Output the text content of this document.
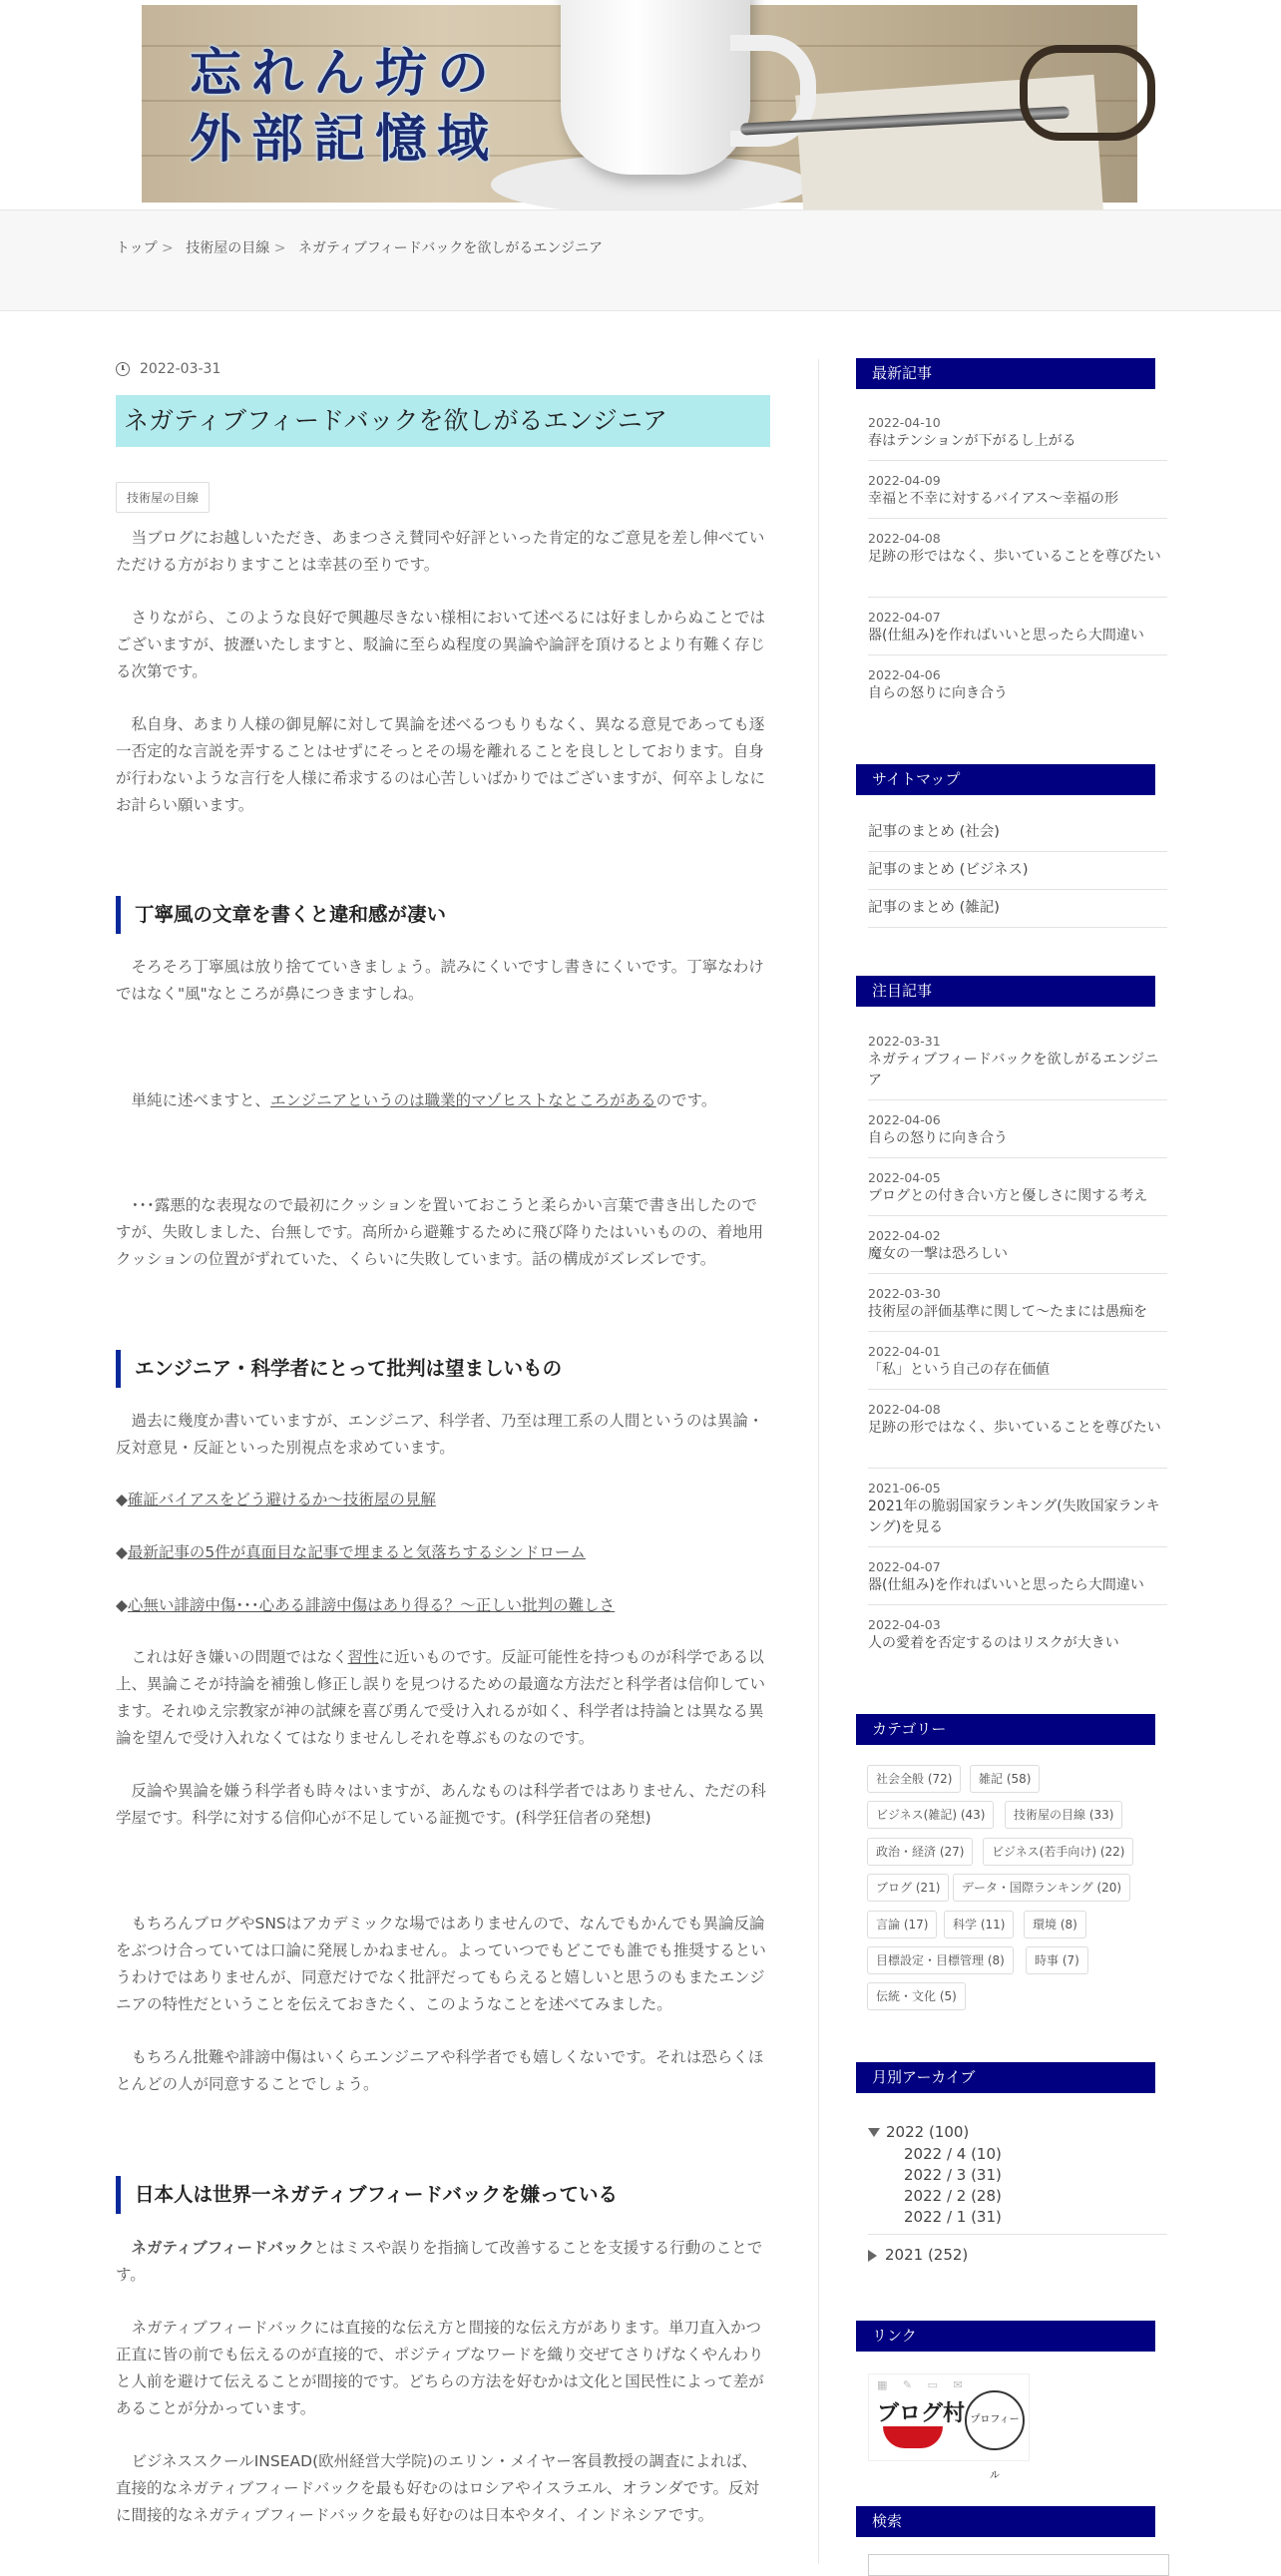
忘れん坊の
外部記憶域
トップ > 技術屋の目線 > ネガティブフィードバックを欲しがるエンジニア
2022-03-31
ネガティブフィードバックを欲しがるエンジニア
技術屋の目線

当ブログにお越しいただき、あまつさえ賛同や好評といった肯定的なご意見を差し伸べていただける方がおりますことは幸甚の至りです。

さりながら、このような良好で興趣尽きない様相において述べるには好ましからぬことではございますが、披瀝いたしますと、駁論に至らぬ程度の異論や論評を頂けるとより有難く存じる次第です。

私自身、あまり人様の御見解に対して異論を述べるつもりもなく、異なる意見であっても逐一否定的な言説を弄することはせずにそっとその場を離れることを良しとしております。自身が行わないような言行を人様に希求するのは心苦しいばかりではございますが、何卒よしなにお計らい願います。

丁寧風の文章を書くと違和感が凄い

そろそろ丁寧風は放り捨てていきましょう。読みにくいですし書きにくいです。丁寧なわけではなく"風"なところが鼻につきますしね。

単純に述べますと、エンジニアというのは職業的マゾヒストなところがあるのです。

･･･露悪的な表現なので最初にクッションを置いておこうと柔らかい言葉で書き出したのですが、失敗しました、台無しです。高所から避難するために飛び降りたはいいものの、着地用クッションの位置がずれていた、くらいに失敗しています。話の構成がズレズレです。

エンジニア・科学者にとって批判は望ましいもの

過去に幾度か書いていますが、エンジニア、科学者、乃至は理工系の人間というのは異論・反対意見・反証といった別視点を求めています。

◆確証バイアスをどう避けるか～技術屋の見解

◆最新記事の5件が真面目な記事で埋まると気落ちするシンドローム

◆心無い誹謗中傷･･･心ある誹謗中傷はあり得る？～正しい批判の難しさ

これは好き嫌いの問題ではなく習性に近いものです。反証可能性を持つものが科学である以上、異論こそが持論を補強し修正し誤りを見つけるための最適な方法だと科学者は信仰しています。それゆえ宗教家が神の試練を喜び勇んで受け入れるが如く、科学者は持論とは異なる異論を望んで受け入れなくてはなりませんしそれを尊ぶものなのです。

反論や異論を嫌う科学者も時々はいますが、あんなものは科学者ではありません、ただの科学屋です。科学に対する信仰心が不足している証拠です。(科学狂信者の発想)

もちろんブログやSNSはアカデミックな場ではありませんので、なんでもかんでも異論反論をぶつけ合っていては口論に発展しかねません。よっていつでもどこでも誰でも推奨するというわけではありませんが、同意だけでなく批評だってもらえると嬉しいと思うのもまたエンジニアの特性だということを伝えておきたく、このようなことを述べてみました。

もちろん批難や誹謗中傷はいくらエンジニアや科学者でも嬉しくないです。それは恐らくほとんどの人が同意することでしょう。

日本人は世界一ネガティブフィードバックを嫌っている

ネガティブフィードバックとはミスや誤りを指摘して改善することを支援する行動のことです。

ネガティブフィードバックには直接的な伝え方と間接的な伝え方があります。単刀直入かつ正直に皆の前でも伝えるのが直接的で、ポジティブなワードを織り交ぜてさりげなくやんわりと人前を避けて伝えることが間接的です。どちらの方法を好むかは文化と国民性によって差があることが分かっています。

ビジネススクールINSEAD(欧州経営大学院)のエリン・メイヤー客員教授の調査によれば、直接的なネガティブフィードバックを最も好むのはロシアやイスラエル、オランダです。反対に間接的なネガティブフィードバックを最も好むのは日本やタイ、インドネシアです。

最新記事
2022-04-10
春はテンションが下がるし上がる
2022-04-09
幸福と不幸に対するバイアス～幸福の形
2022-04-08
足跡の形ではなく、歩いていることを尊びたい
2022-04-07
器(仕組み)を作ればいいと思ったら大間違い
2022-04-06
自らの怒りに向き合う
サイトマップ
記事のまとめ (社会)
記事のまとめ (ビジネス)
記事のまとめ (雑記)
注目記事
2022-03-31
ネガティブフィードバックを欲しがるエンジニア
2022-04-06
自らの怒りに向き合う
2022-04-05
ブログとの付き合い方と優しさに関する考え
2022-04-02
魔女の一撃は恐ろしい
2022-03-30
技術屋の評価基準に関して～たまには愚痴を
2022-04-01
「私」という自己の存在価値
2022-04-08
足跡の形ではなく、歩いていることを尊びたい
2021-06-05
2021年の脆弱国家ランキング(失敗国家ランキング)を見る
2022-04-07
器(仕組み)を作ればいいと思ったら大間違い
2022-04-03
人の愛着を否定するのはリスクが大きい
カテゴリー
社会全般 (72)	雑記 (58)
ビジネス(雑記) (43)	技術屋の目線 (33)
政治・経済 (27)	ビジネス(若手向け) (22)
ブログ (21)	データ・国際ランキング (20)
言論 (17)	科学 (11)	環境 (8)
目標設定・目標管理 (8)	時事 (7)
伝統・文化 (5)
月別アーカイブ
2022 (100)
2022 / 4 (10)
2022 / 3 (31)
2022 / 2 (28)
2022 / 1 (31)
2021 (252)
リンク
▦ ✎ ▭ ✉
ブログ村 プロフィール
検索
